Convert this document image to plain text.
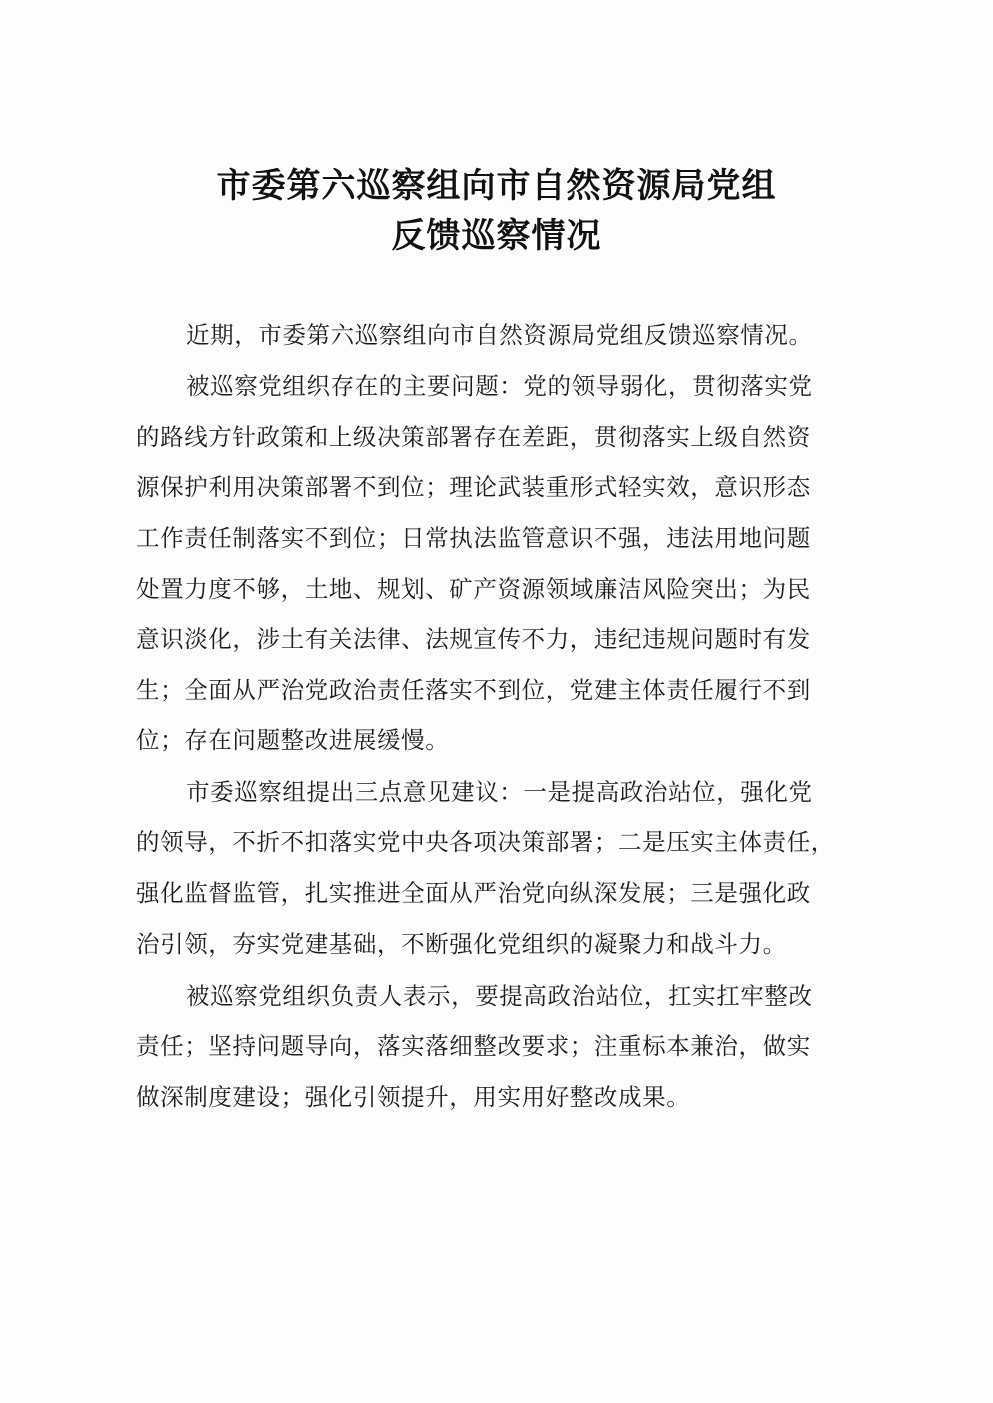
市委第六巡察组向市自然资源局党组
反馈巡察情况
近期，市委第六巡察组向市自然资源局党组反馈巡察情况。
被巡察党组织存在的主要问题：党的领导弱化，贯彻落实党
的路线方针政策和上级决策部署存在差距，贯彻落实上级自然资
源保护利用决策部署不到位；理论武装重形式轻实效，意识形态
工作责任制落实不到位；日常执法监管意识不强，违法用地问题
处置力度不够，土地、规划、矿产资源领域廉洁风险突出；为民
意识淡化，涉土有关法律、法规宣传不力，违纪违规问题时有发
生；全面从严治党政治责任落实不到位，党建主体责任履行不到
位；存在问题整改进展缓慢。
市委巡察组提出三点意见建议：一是提高政治站位，强化党
的领导，不折不扣落实党中央各项决策部署；二是压实主体责任，
强化监督监管，扎实推进全面从严治党向纵深发展；三是强化政
治引领，夯实党建基础，不断强化党组织的凝聚力和战斗力。
被巡察党组织负责人表示，要提高政治站位，扛实扛牢整改
责任；坚持问题导向，落实落细整改要求；注重标本兼治，做实
做深制度建设；强化引领提升，用实用好整改成果。
